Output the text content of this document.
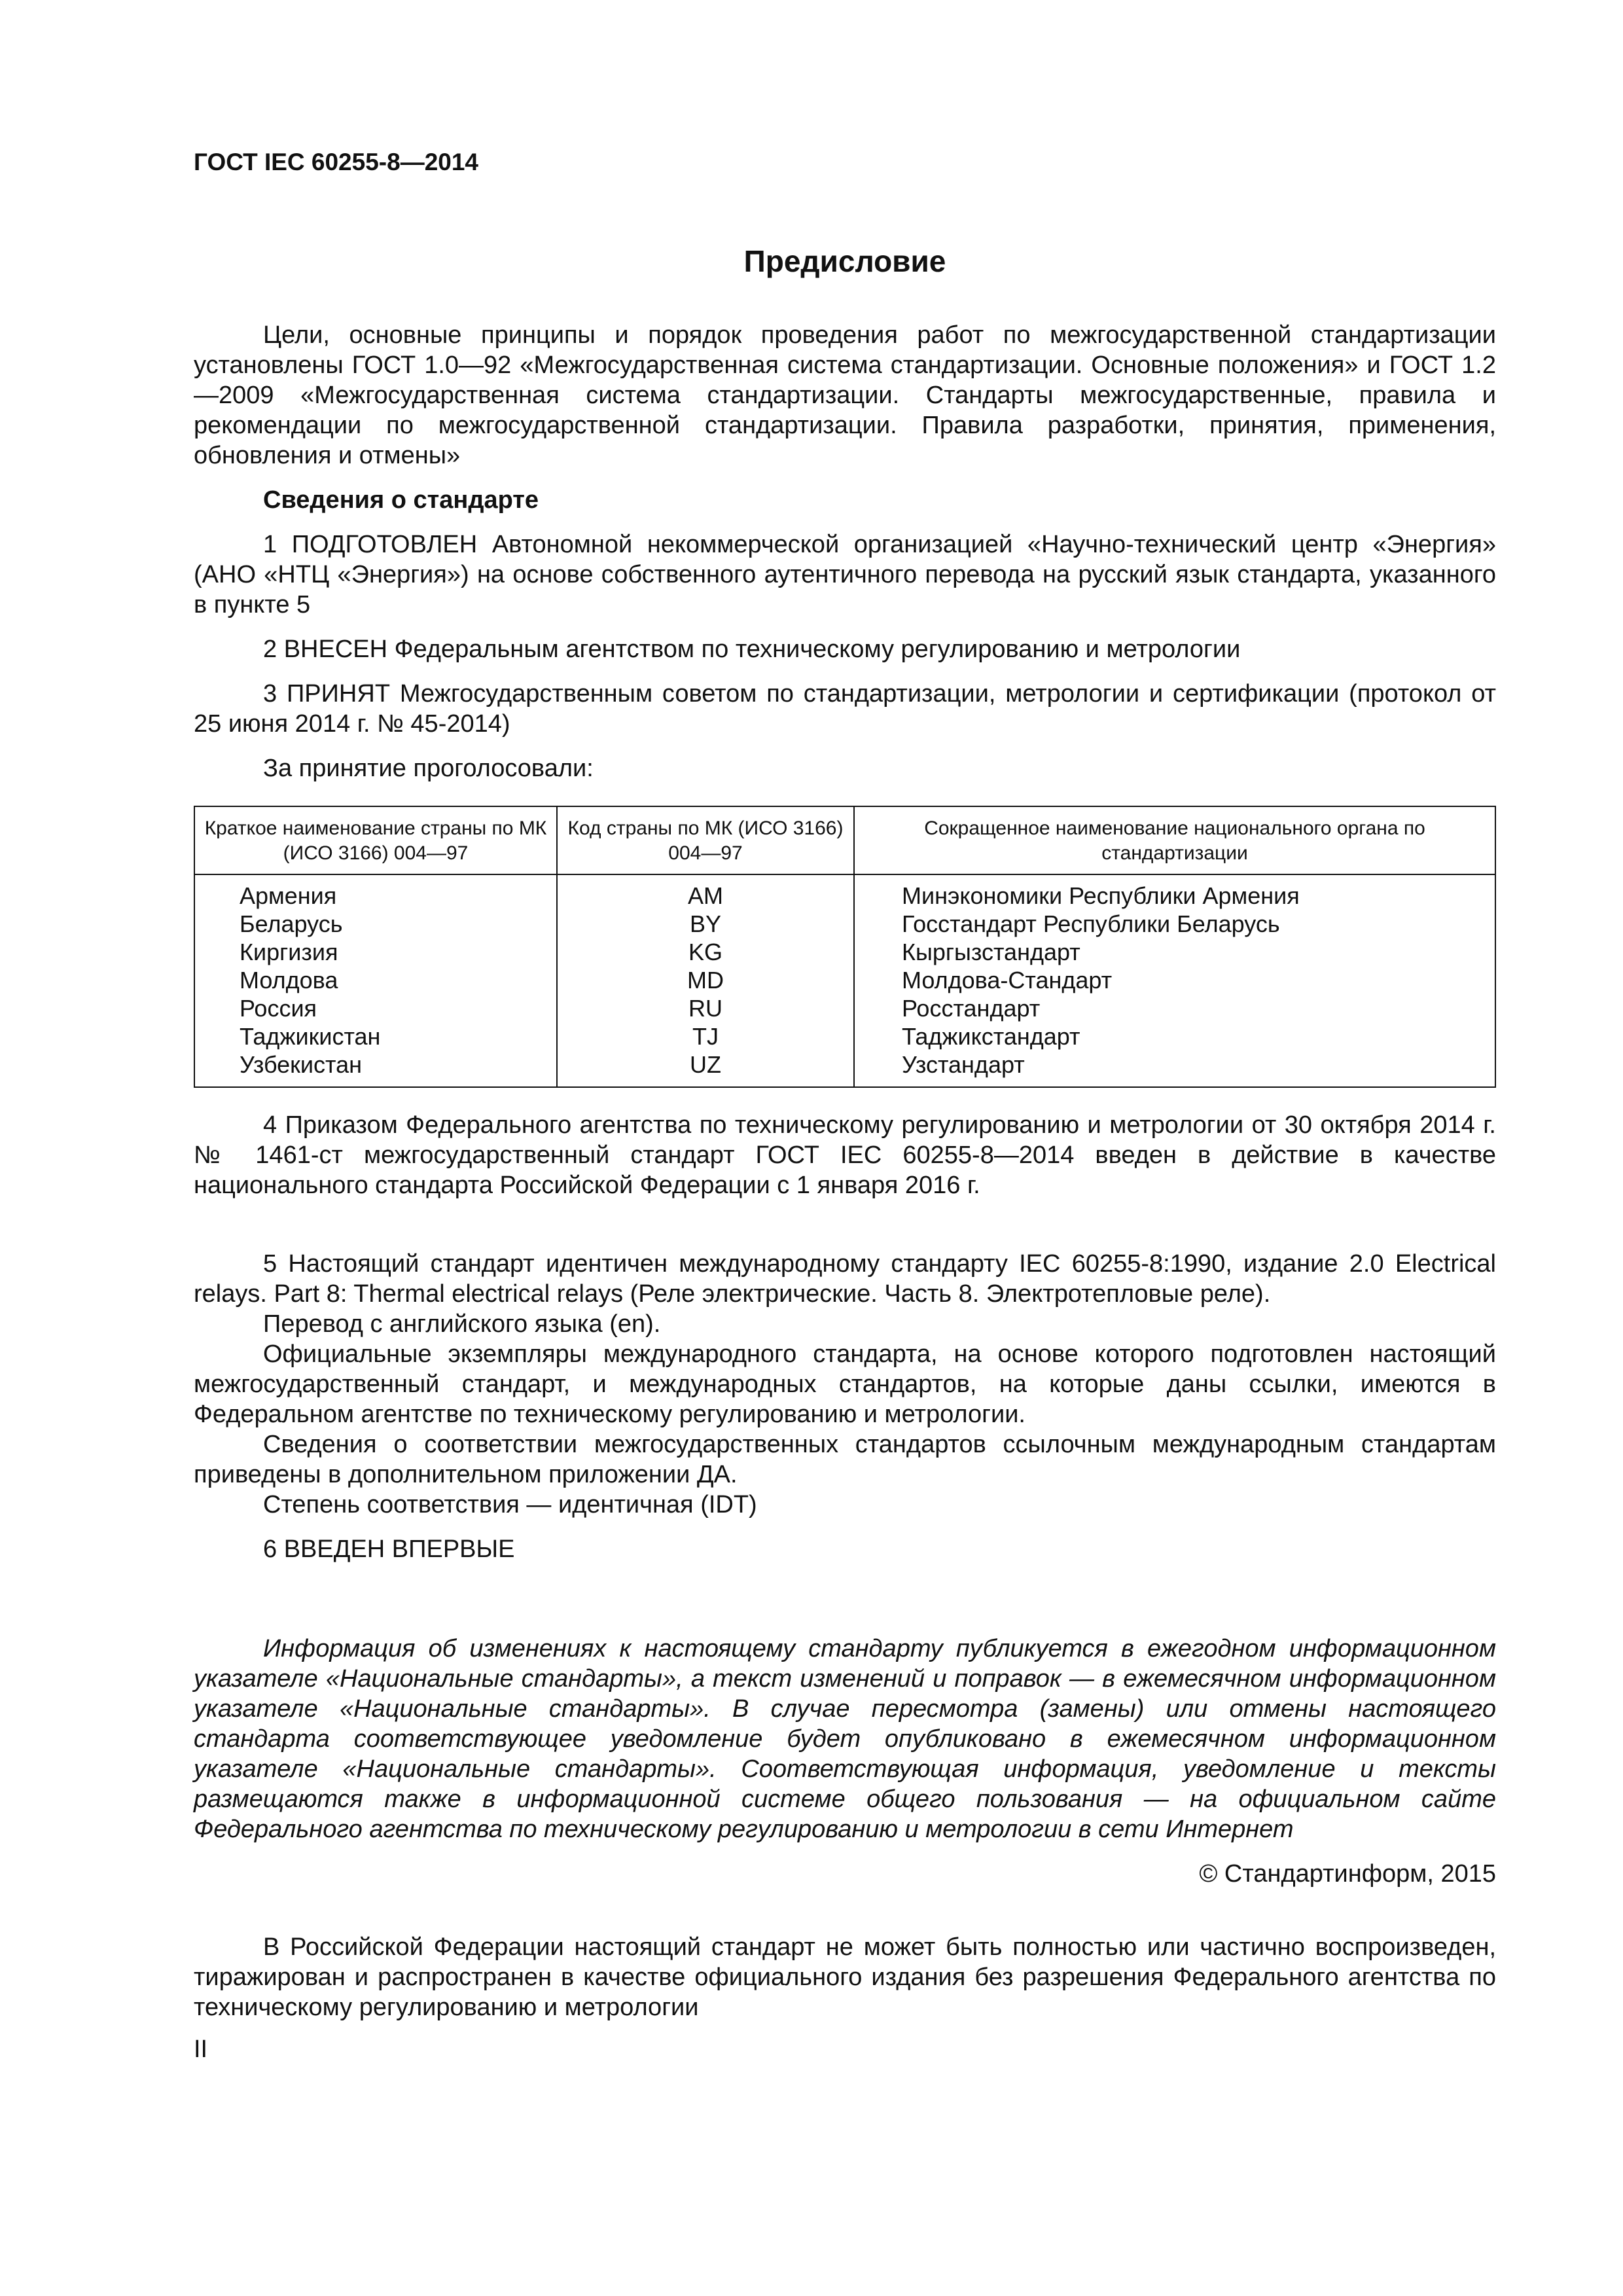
ГОСТ IEC 60255-8—2014
Предисловие

Цели, основные принципы и порядок проведения работ по межгосударственной стандартизации установлены ГОСТ 1.0—92 «Межгосударственная система стандартизации. Основные положения» и ГОСТ 1.2—2009 «Межгосударственная система стандартизации. Стандарты межгосударственные, правила и рекомендации по межгосударственной стандартизации. Правила разработки, принятия, применения, обновления и отмены»

Сведения о стандарте

1 ПОДГОТОВЛЕН Автономной некоммерческой организацией «Научно-технический центр «Энергия» (АНО «НТЦ «Энергия») на основе собственного аутентичного перевода на русский язык стандарта, указанного в пункте 5

2 ВНЕСЕН Федеральным агентством по техническому регулированию и метрологии

3 ПРИНЯТ Межгосударственным советом по стандартизации, метрологии и сертификации (протокол от 25 июня 2014 г. № 45-2014)

За принятие проголосовали:

Краткое наименование страны по МК (ИСО 3166) 004—97	Код страны по МК (ИСО 3166) 004—97	Сокращенное наименование национального органа по стандартизации
Армения	AM	Минэкономики Республики Армения
Беларусь	BY	Госстандарт Республики Беларусь
Киргизия	KG	Кыргызстандарт
Молдова	MD	Молдова-Стандарт
Россия	RU	Росстандарт
Таджикистан	TJ	Таджикстандарт
Узбекистан	UZ	Узстандарт

4 Приказом Федерального агентства по техническому регулированию и метрологии от 30 октября 2014 г. № 1461-ст межгосударственный стандарт ГОСТ IEC 60255-8—2014 введен в действие в качестве национального стандарта Российской Федерации с 1 января 2016 г.

5 Настоящий стандарт идентичен международному стандарту IEC 60255-8:1990, издание 2.0 Electrical relays. Part 8: Thermal electrical relays (Реле электрические. Часть 8. Электротепловые реле).

Перевод с английского языка (en).

Официальные экземпляры международного стандарта, на основе которого подготовлен настоящий межгосударственный стандарт, и международных стандартов, на которые даны ссылки, имеются в Федеральном агентстве по техническому регулированию и метрологии.

Сведения о соответствии межгосударственных стандартов ссылочным международным стандартам приведены в дополнительном приложении ДА.

Степень соответствия — идентичная (IDT)

6 ВВЕДЕН ВПЕРВЫЕ

Информация об изменениях к настоящему стандарту публикуется в ежегодном информационном указателе «Национальные стандарты», а текст изменений и поправок — в ежемесячном информационном указателе «Национальные стандарты». В случае пересмотра (замены) или отмены настоящего стандарта соответствующее уведомление будет опубликовано в ежемесячном информационном указателе «Национальные стандарты». Соответствующая информация, уведомление и тексты размещаются также в информационной системе общего пользования — на официальном сайте Федерального агентства по техническому регулированию и метрологии в сети Интернет

© Стандартинформ, 2015

В Российской Федерации настоящий стандарт не может быть полностью или частично воспроизведен, тиражирован и распространен в качестве официального издания без разрешения Федерального агентства по техническому регулированию и метрологии

II
